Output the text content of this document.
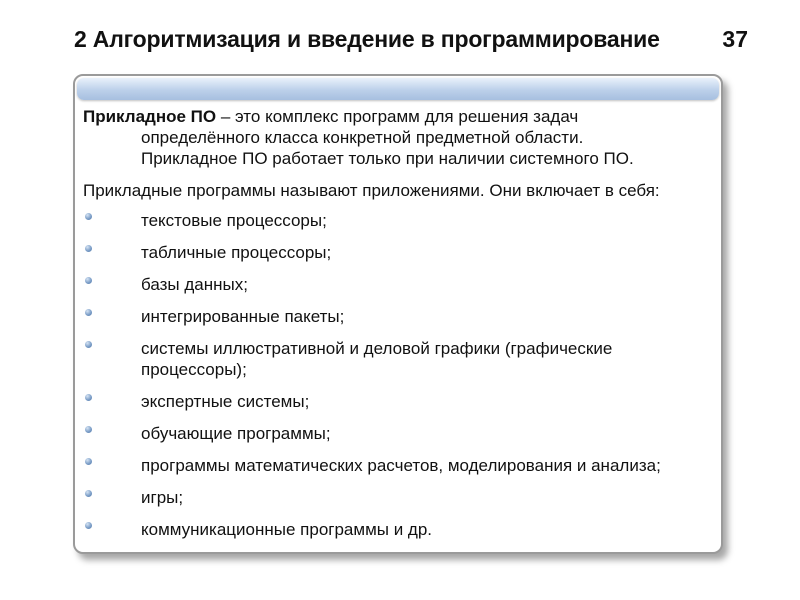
2 Алгоритмизация и введение в программирование	37

Прикладное ПО – это комплекс программ для решения задач
определённого класса конкретной предметной области.
Прикладное ПО работает только при наличии системного ПО.

Прикладные программы называют приложениями. Они включает в себя:

текстовые процессоры;
табличные процессоры;
базы данных;
интегрированные пакеты;
системы иллюстративной и деловой графики (графические процессоры);
экспертные системы;
обучающие программы;
программы математических расчетов, моделирования и анализа;
игры;
коммуникационные программы и др.
